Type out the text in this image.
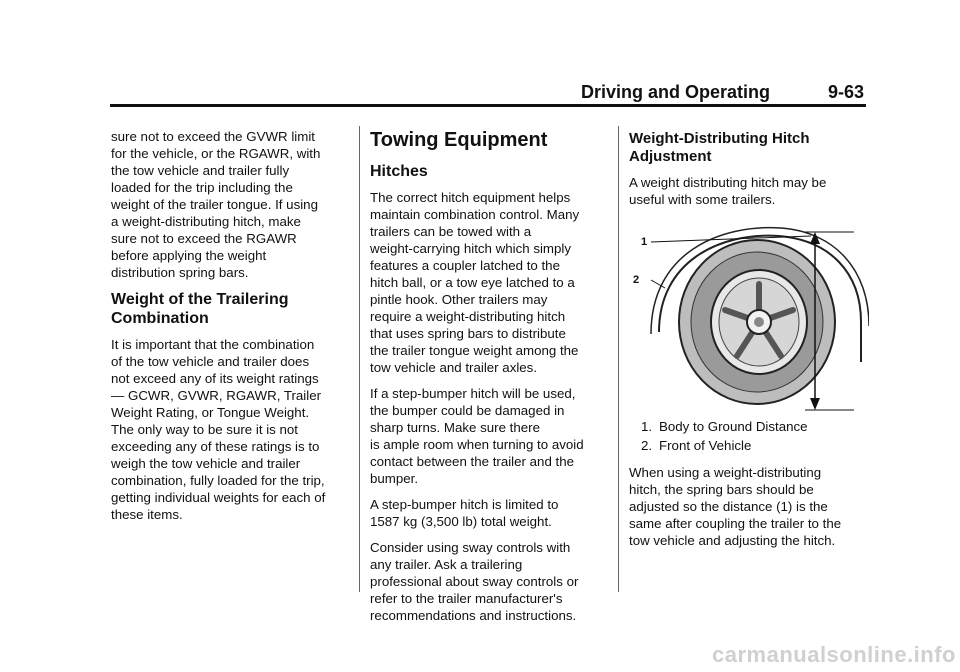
Driving and Operating	9-63

sure not to exceed the GVWR limit
for the vehicle, or the RGAWR, with
the tow vehicle and trailer fully
loaded for the trip including the
weight of the trailer tongue. If using
a weight-distributing hitch, make
sure not to exceed the RGAWR
before applying the weight
distribution spring bars.

Weight of the Trailering
Combination

It is important that the combination
of the tow vehicle and trailer does
not exceed any of its weight ratings
— GCWR, GVWR, RGAWR, Trailer
Weight Rating, or Tongue Weight.
The only way to be sure it is not
exceeding any of these ratings is to
weigh the tow vehicle and trailer
combination, fully loaded for the trip,
getting individual weights for each of
these items.

Towing Equipment
Hitches

The correct hitch equipment helps
maintain combination control. Many
trailers can be towed with a
weight-carrying hitch which simply
features a coupler latched to the
hitch ball, or a tow eye latched to a
pintle hook. Other trailers may
require a weight-distributing hitch
that uses spring bars to distribute
the trailer tongue weight among the
tow vehicle and trailer axles.

If a step-bumper hitch will be used,
the bumper could be damaged in
sharp turns. Make sure there
is ample room when turning to avoid
contact between the trailer and the
bumper.

A step-bumper hitch is limited to
1587 kg (3,500 lb) total weight.

Consider using sway controls with
any trailer. Ask a trailering
professional about sway controls or
refer to the trailer manufacturer's
recommendations and instructions.

Weight-Distributing Hitch
Adjustment

A weight distributing hitch may be
useful with some trailers.

1
2
1. Body to Ground Distance
2. Front of Vehicle

When using a weight-distributing
hitch, the spring bars should be
adjusted so the distance (1) is the
same after coupling the trailer to the
tow vehicle and adjusting the hitch.

carmanualsonline.info
